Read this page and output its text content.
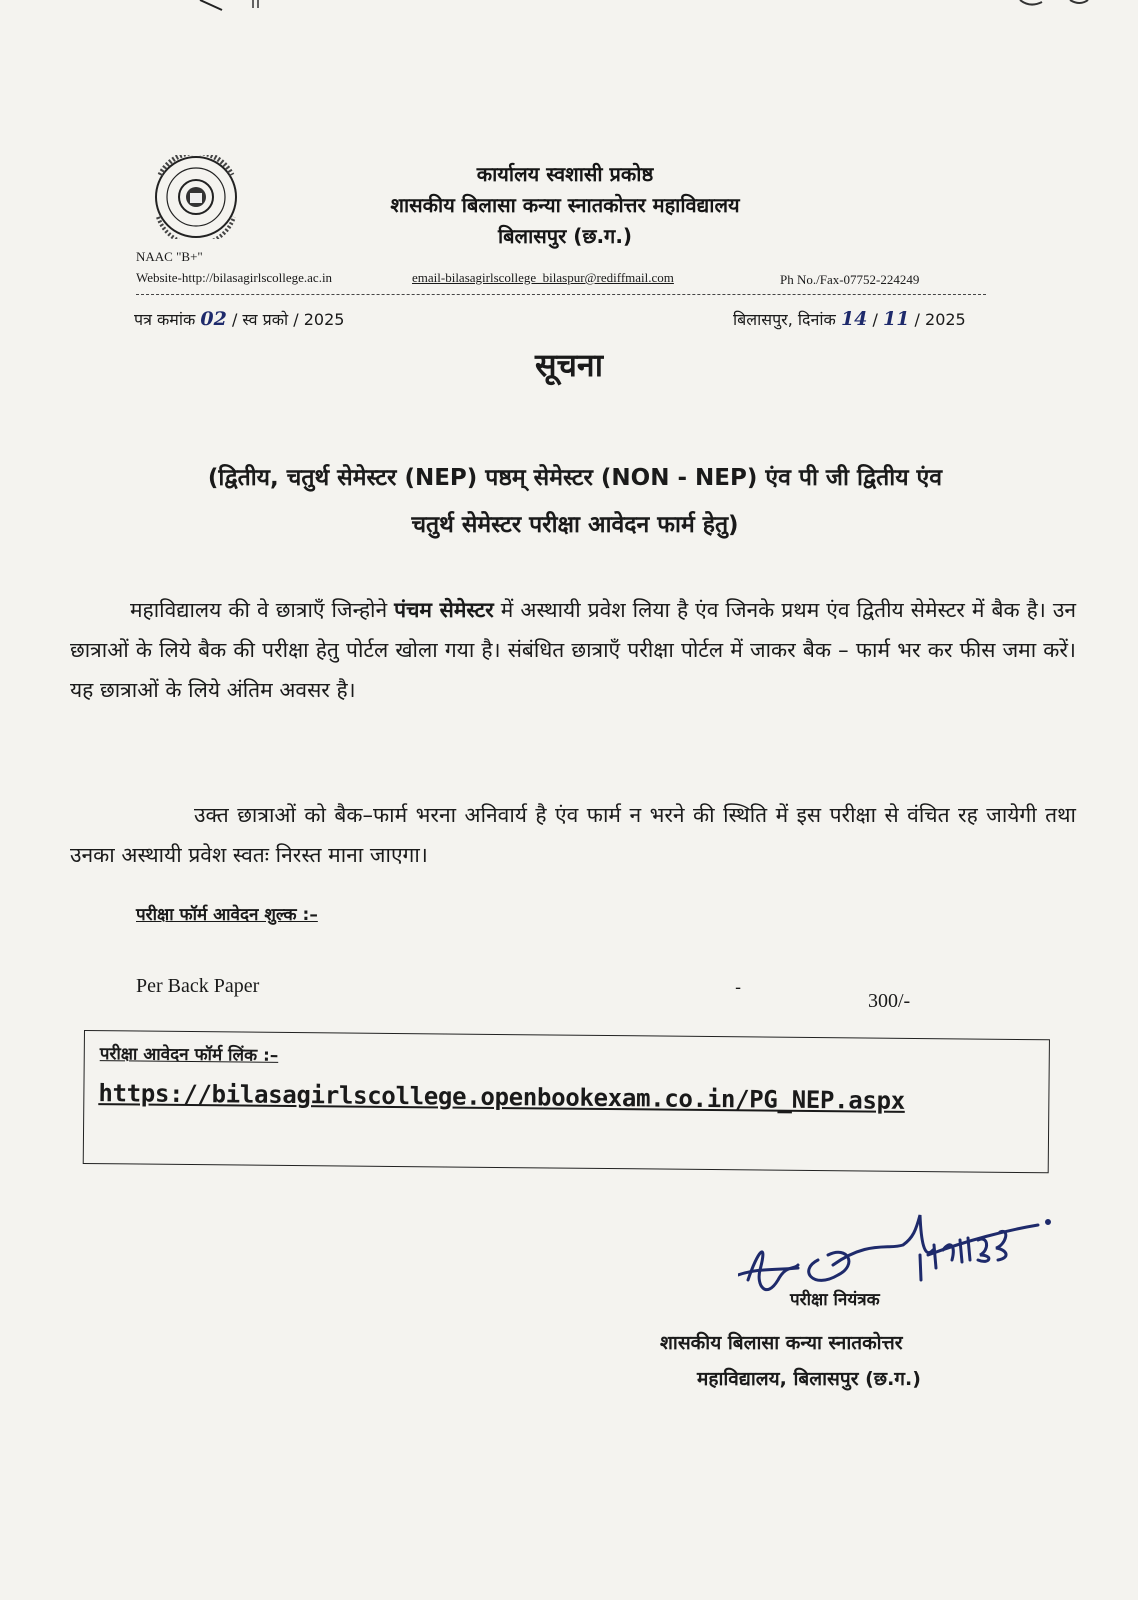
कार्यालय स्वशासी प्रकोष्ठ
शासकीय बिलासा कन्या स्नातकोत्तर महाविद्यालय
बिलासपुर (छ.ग.)
NAAC "B+"
Website-http://bilasagirlscollege.ac.in	email-bilasagirlscollege_bilaspur@rediffmail.com	Ph No./Fax-07752-224249
पत्र कमांक 02 / स्व प्रको / 2025	बिलासपुर, दिनांक 14 / 11 / 2025
सूचना
(द्वितीय, चतुर्थ सेमेस्टर (NEP) पष्ठम् सेमेस्टर (NON - NEP) एंव पी जी द्वितीय एंव
चतुर्थ सेमेस्टर परीक्षा आवेदन फार्म हेतु)

महाविद्यालय की वे छात्राएँ जिन्होने पंचम सेमेस्टर में अस्थायी प्रवेश लिया है एंव जिनके प्रथम एंव द्वितीय सेमेस्टर में बैक है। उन छात्राओं के लिये बैक की परीक्षा हेतु पोर्टल खोला गया है। संबंधित छात्राएँ परीक्षा पोर्टल में जाकर बैक – फार्म भर कर फीस जमा करें। यह छात्राओं के लिये अंतिम अवसर है।

उक्त छात्राओं को बैक–फार्म भरना अनिवार्य है एंव फार्म न भरने की स्थिति में इस परीक्षा से वंचित रह जायेगी तथा उनका अस्थायी प्रवेश स्वतः निरस्त माना जाएगा।

परीक्षा फॉर्म आवेदन शुल्क :–
Per Back Paper	-
300/-
परीक्षा आवेदन फॉर्म लिंक :–
https://bilasagirlscollege.openbookexam.co.in/PG_NEP.aspx
परीक्षा नियंत्रक
शासकीय बिलासा कन्या स्नातकोत्तर
महाविद्यालय, बिलासपुर (छ.ग.)
